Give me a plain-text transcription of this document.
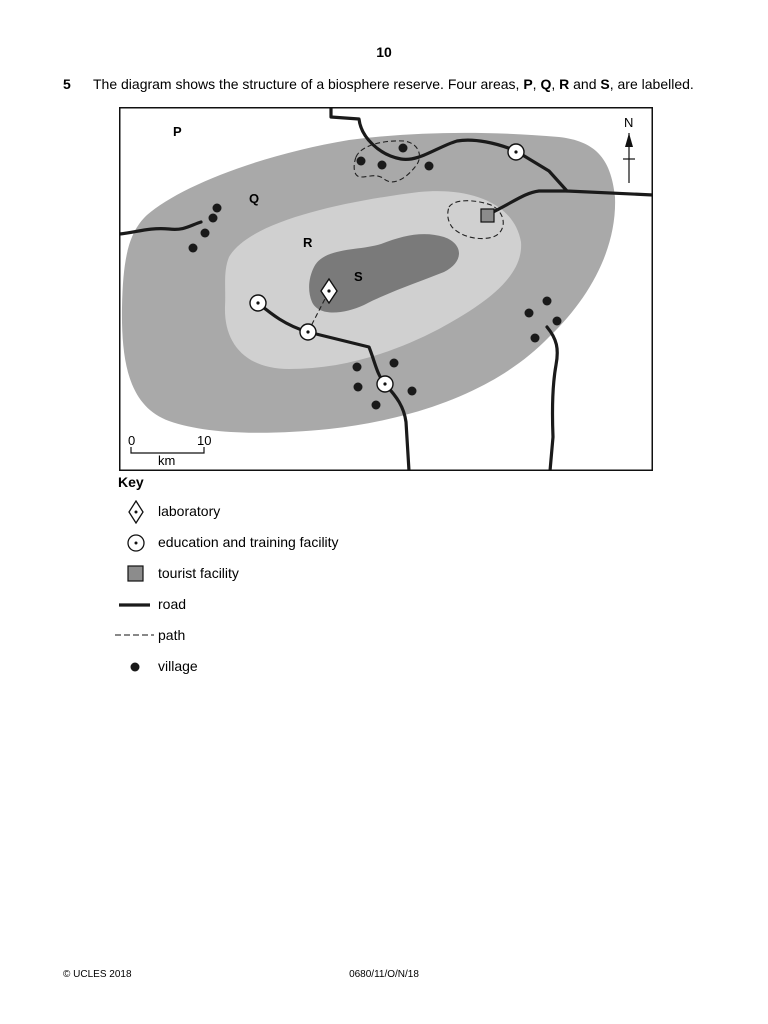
10
5 The diagram shows the structure of a biosphere reserve. Four areas, P, Q, R and S, are labelled.
P
Q
R
S
N
0	10
km
Key
laboratory
education and training facility
tourist facility
road
path
village
© UCLES 2018	0680/11/O/N/18
